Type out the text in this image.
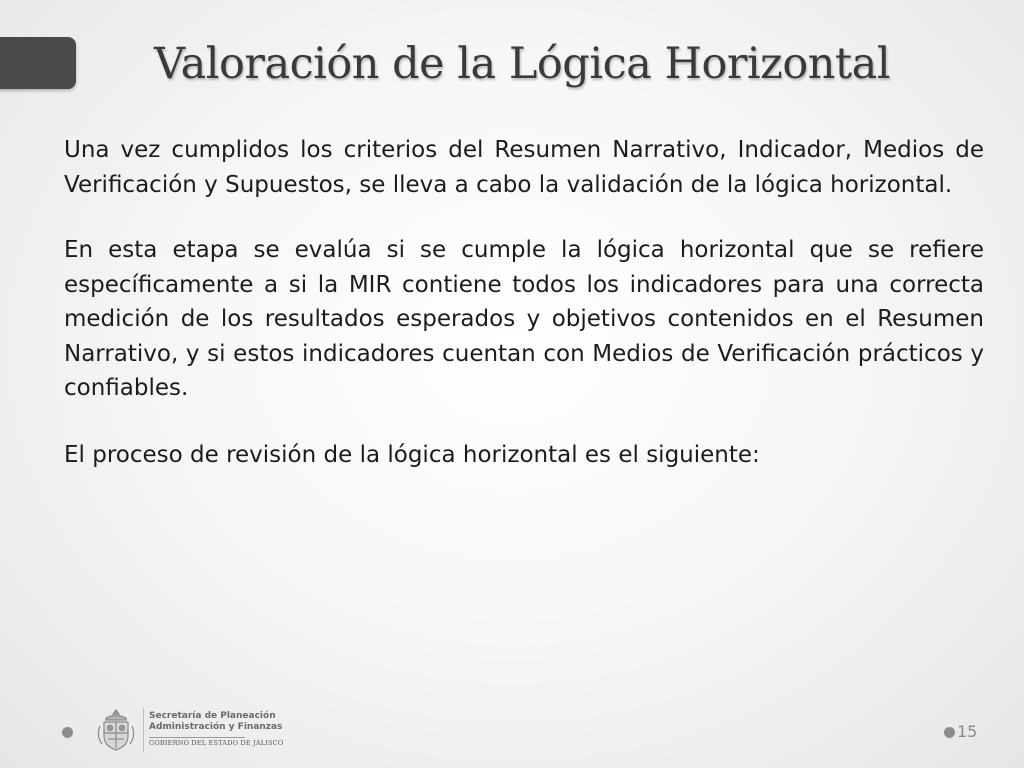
Valoración de la Lógica Horizontal

Una vez cumplidos los criterios del Resumen Narrativo, Indicador, Medios de Verificación y Supuestos, se lleva a cabo la validación de la lógica horizontal.

En esta etapa se evalúa si se cumple la lógica horizontal que se refiere específicamente a si la MIR contiene todos los indicadores para una correcta medición de los resultados esperados y objetivos contenidos en el Resumen Narrativo, y si estos indicadores cuentan con Medios de Verificación prácticos y confiables.

El proceso de revisión de la lógica horizontal es el siguiente:

Secretaría de Planeación
Administración y Finanzas
GOBIERNO DEL ESTADO DE JALISCO
15
